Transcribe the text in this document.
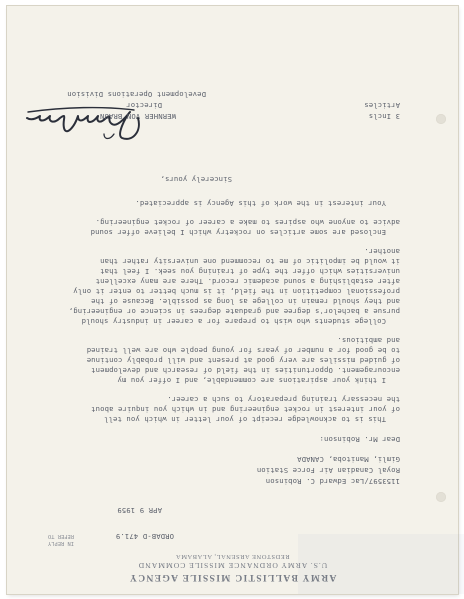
ARMY BALLISTIC MISSILE AGENCY
U.S. ARMY ORDNANCE MISSILE COMMAND
REDSTONE ARSENAL, ALABAMA
IN REPLY
REFER TO	ORDAB-D 471.9
APR 9 1959
1153597/Lac Edward C. Robinson
Royal Canadian Air Force Station
Gimli, Manitoba, CANADA
Dear Mr. Robinson:
This is to acknowledge receipt of your letter in which you tell
of your interest in rocket engineering and in which you inquire about
the necessary training preparatory to such a career.
I think your aspirations are commendable, and I offer you my
encouragement. Opportunities in the field of research and development
of guided missiles are very good at present and will probably continue
to be good for a number of years for young people who are well trained
and ambitious.
College students who wish to prepare for a career in industry should
pursue a bachelor's degree and graduate degrees in science or engineering,
and they should remain in college as long as possible. Because of the
professional competition in the field, it is much better to enter it only
after establishing a sound academic record. There are many excellent
universities which offer the type of training you seek. I feel that
it would be impolitic of me to recommend one university rather than
another.
Enclosed are some articles on rocketry which I believe offer sound
advice to anyone who aspires to make a career of rocket engineering.
Your interest in the work of this Agency is appreciated.
Sincerely yours,
WERNHER VON BRAUN
Director
Development Operations Division
3 Incls
Articles
